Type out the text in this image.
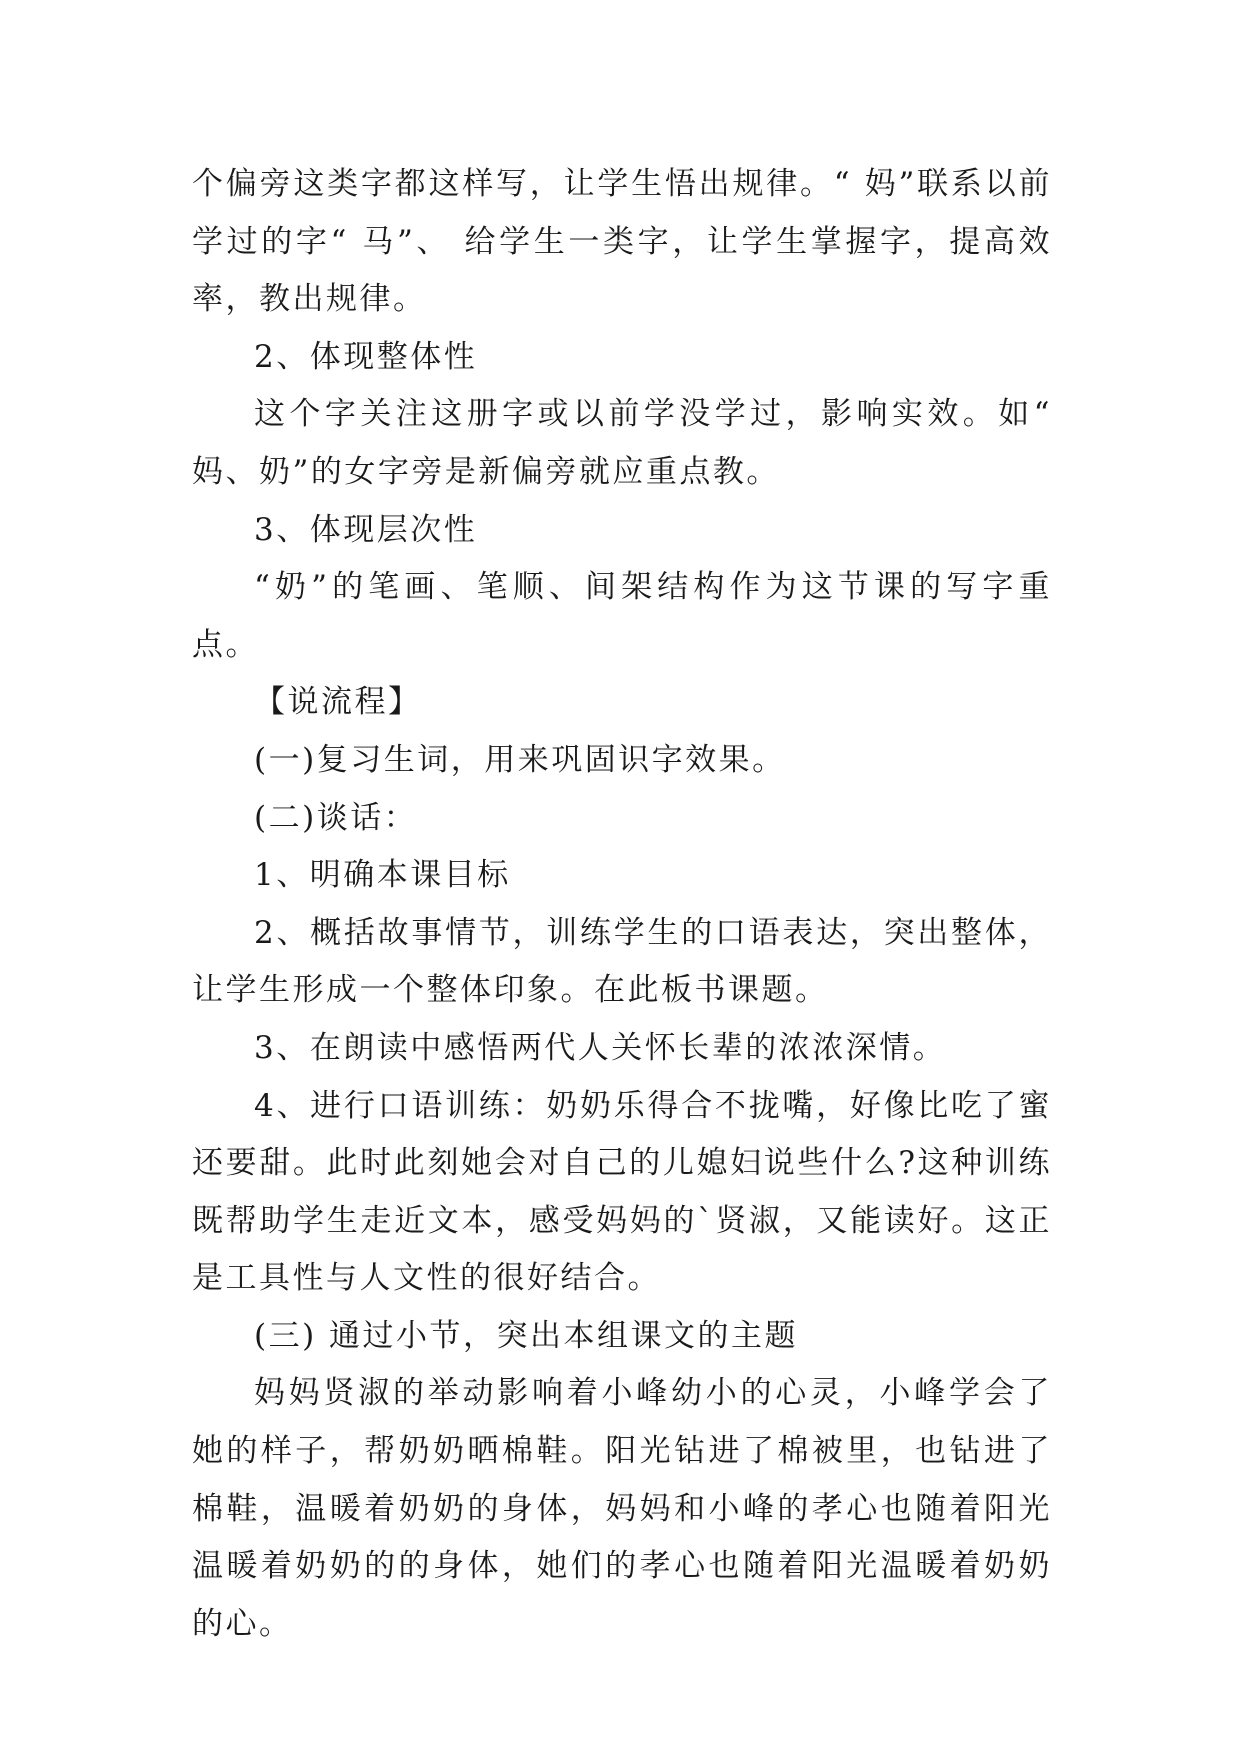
个偏旁这类字都这样写，让学生悟出规律。“ 妈”联系以前学过的字“ 马”、 给学生一类字，让学生掌握字，提高效率，教出规律。

2、体现整体性

这个字关注这册字或以前学没学过，影响实效。如“ 妈、奶”的女字旁是新偏旁就应重点教。

3、体现层次性

“奶”的笔画、笔顺、间架结构作为这节课的写字重点。

【说流程】

(一)复习生词，用来巩固识字效果。

(二)谈话：

1、明确本课目标

2、概括故事情节，训练学生的口语表达，突出整体，让学生形成一个整体印象。在此板书课题。

3、在朗读中感悟两代人关怀长辈的浓浓深情。

4、进行口语训练：奶奶乐得合不拢嘴，好像比吃了蜜还要甜。此时此刻她会对自己的儿媳妇说些什么?这种训练既帮助学生走近文本，感受妈妈的`贤淑，又能读好。这正是工具性与人文性的很好结合。

(三) 通过小节，突出本组课文的主题

妈妈贤淑的举动影响着小峰幼小的心灵，小峰学会了她的样子，帮奶奶晒棉鞋。阳光钻进了棉被里，也钻进了棉鞋，温暖着奶奶的身体，妈妈和小峰的孝心也随着阳光温暖着奶奶的的身体，她们的孝心也随着阳光温暖着奶奶的心。
